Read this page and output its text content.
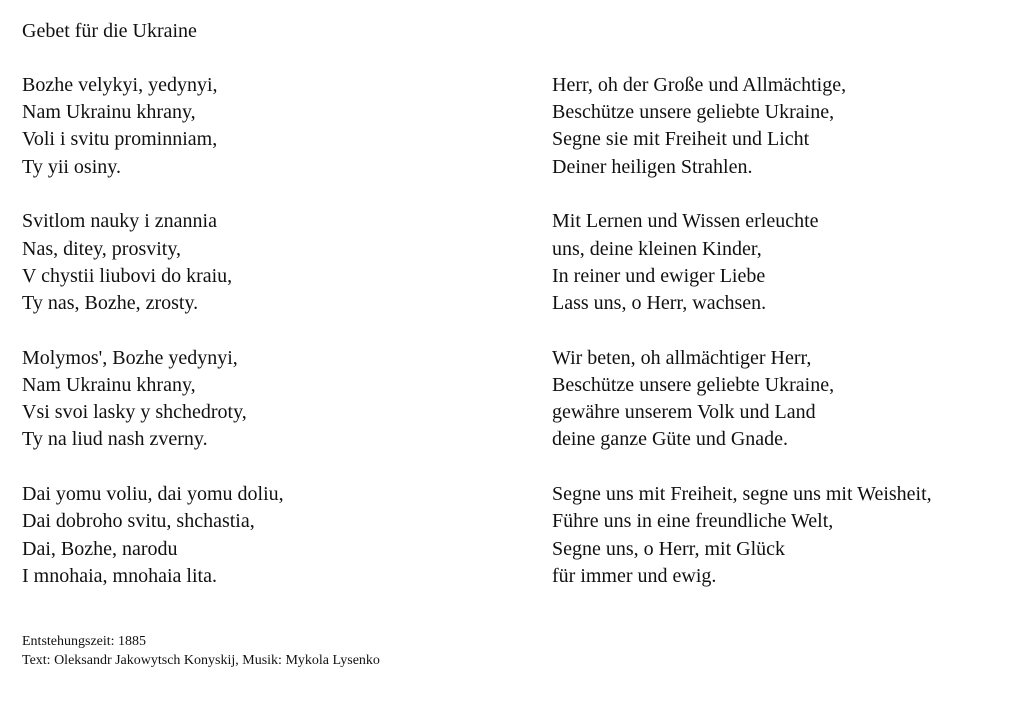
Gebet für die Ukraine
Bozhe velykyi, yedynyi,
Nam Ukrainu khrany,
Voli i svitu prominniam,
Ty yii osiny.
Svitlom nauky i znannia
Nas, ditey, prosvity,
V chystii liubovi do kraiu,
Ty nas, Bozhe, zrosty.
Molymos', Bozhe yedynyi,
Nam Ukrainu khrany,
Vsi svoi lasky y shchedroty,
Ty na liud nash zverny.
Dai yomu voliu, dai yomu doliu,
Dai dobroho svitu, shchastia,
Dai, Bozhe, narodu
I mnohaia, mnohaia lita.
Herr, oh der Große und Allmächtige,
Beschütze unsere geliebte Ukraine,
Segne sie mit Freiheit und Licht
Deiner heiligen Strahlen.
Mit Lernen und Wissen erleuchte
uns, deine kleinen Kinder,
In reiner und ewiger Liebe
Lass uns, o Herr, wachsen.
Wir beten, oh allmächtiger Herr,
Beschütze unsere geliebte Ukraine,
gewähre unserem Volk und Land
deine ganze Güte und Gnade.
Segne uns mit Freiheit, segne uns mit Weisheit,
Führe uns in eine freundliche Welt,
Segne uns, o Herr, mit Glück
für immer und ewig.
Entstehungszeit: 1885
Text: Oleksandr Jakowytsch Konyskij, Musik: Mykola Lysenko
